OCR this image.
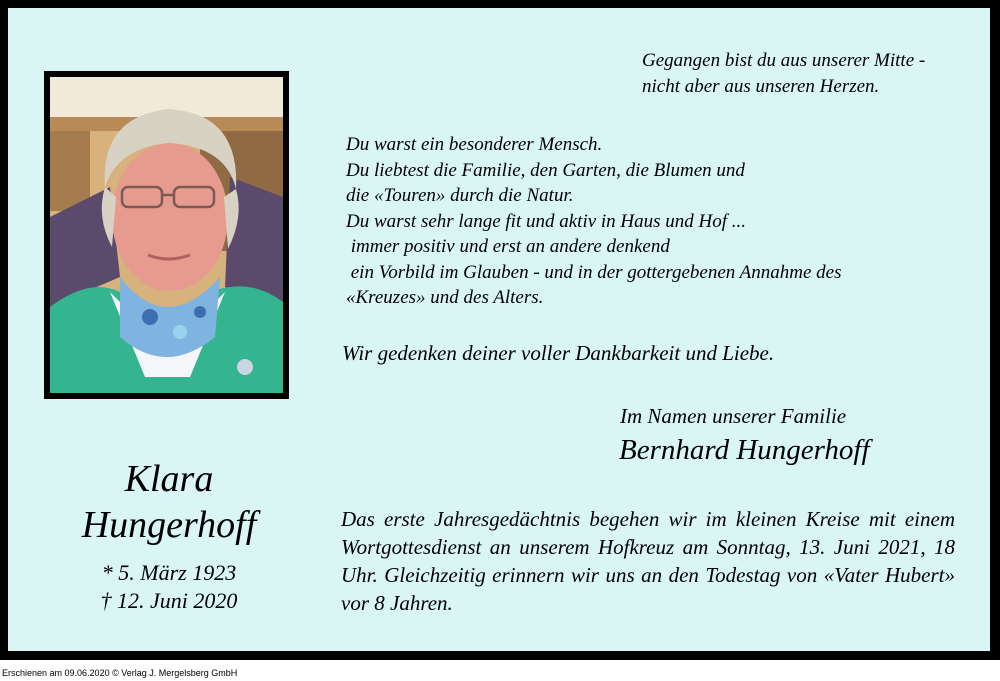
Klara
Hungerhoff
* 5. März 1923
† 12. Juni 2020
Gegangen bist du aus unserer Mitte -
nicht aber aus unseren Herzen.
Du warst ein besonderer Mensch.
Du liebtest die Familie, den Garten, die Blumen und
die «Touren» durch die Natur.
Du warst sehr lange fit und aktiv in Haus und Hof ...
immer positiv und erst an andere denkend
ein Vorbild im Glauben - und in der gottergebenen Annahme des
«Kreuzes» und des Alters.
Wir gedenken deiner voller Dankbarkeit und Liebe.
Im Namen unserer Familie
Bernhard Hungerhoff
Das erste Jahresgedächtnis begehen wir im kleinen Kreise mit einem Wortgottesdienst an unserem Hofkreuz am Sonntag, 13. Juni 2021, 18 Uhr. Gleichzeitig erinnern wir uns an den Todestag von «Vater Hubert» vor 8 Jahren.
Erschienen am 09.06.2020 © Verlag J. Mergelsberg GmbH
